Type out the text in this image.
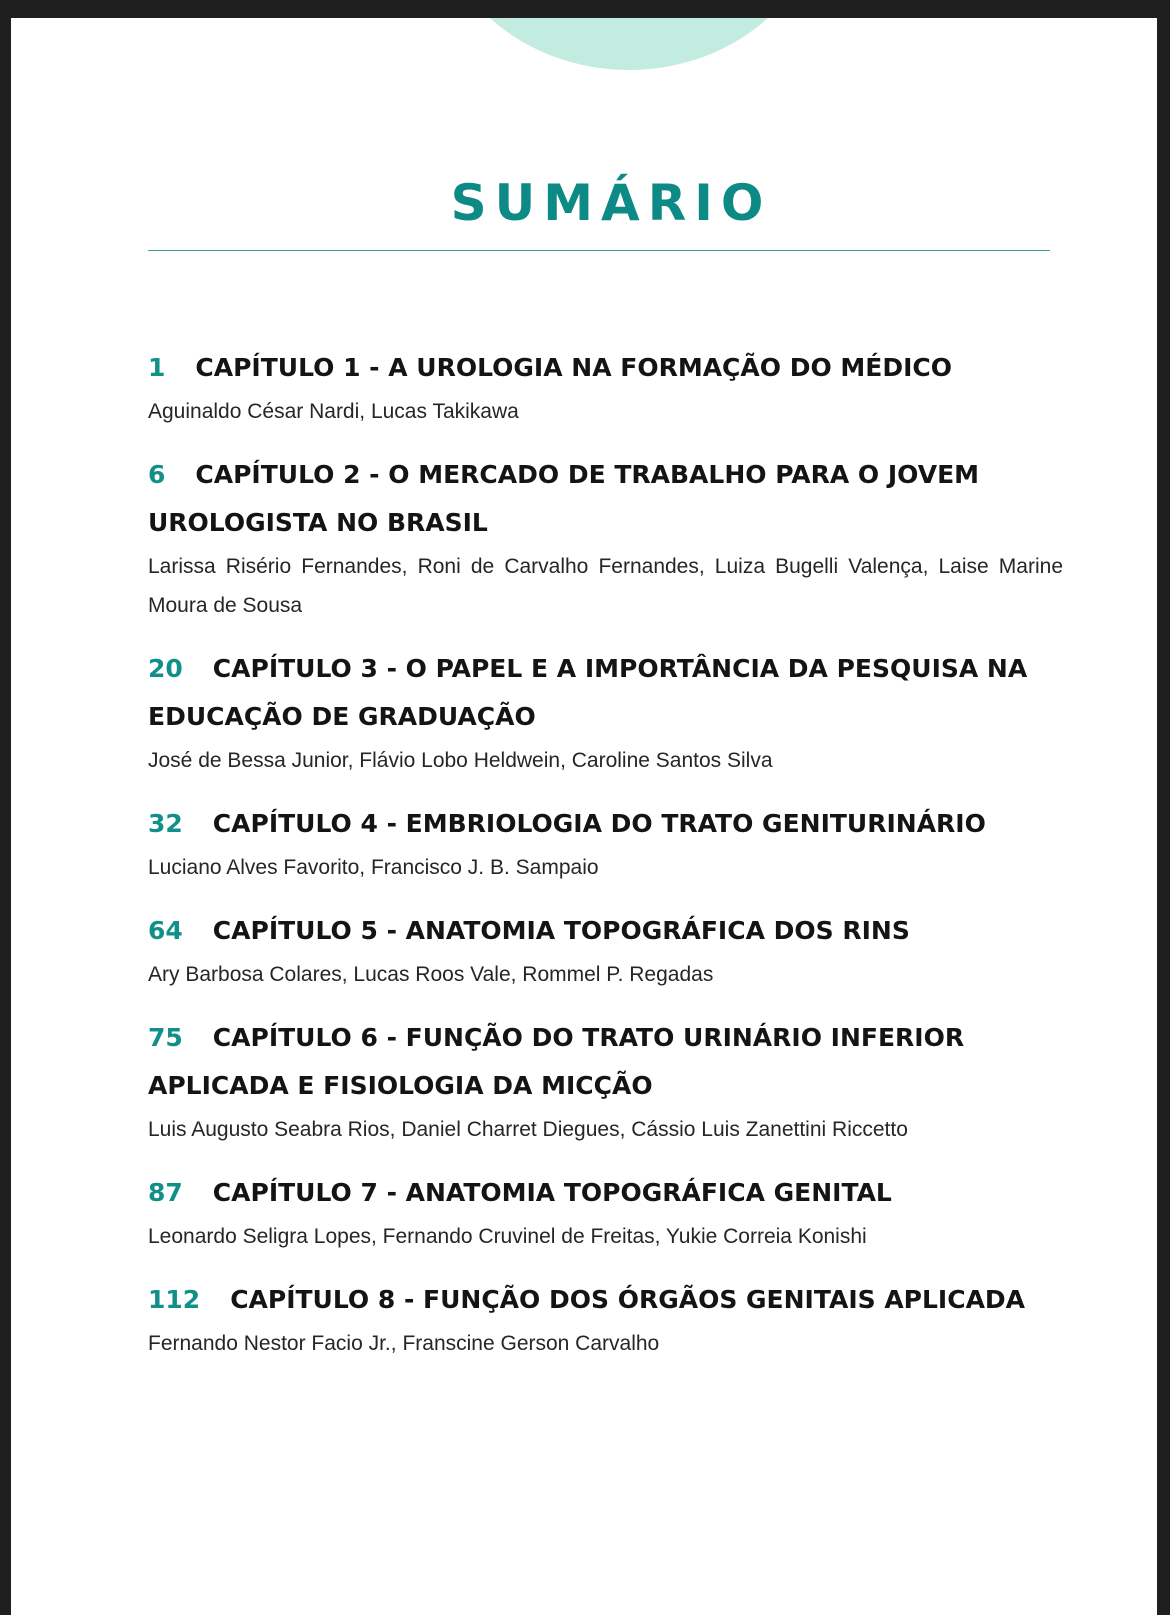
SUMÁRIO

1 CAPÍTULO 1 - A UROLOGIA NA FORMAÇÃO DO MÉDICO

Aguinaldo César Nardi, Lucas Takikawa

6 CAPÍTULO 2 - O MERCADO DE TRABALHO PARA O JOVEM UROLOGISTA NO BRASIL

Larissa Risério Fernandes, Roni de Carvalho Fernandes, Luiza Bugelli Valença, Laise Marine Moura de Sousa

20 CAPÍTULO 3 - O PAPEL E A IMPORTÂNCIA DA PESQUISA NA EDUCAÇÃO DE GRADUAÇÃO

José de Bessa Junior, Flávio Lobo Heldwein, Caroline Santos Silva

32 CAPÍTULO 4 - EMBRIOLOGIA DO TRATO GENITURINÁRIO

Luciano Alves Favorito, Francisco J. B. Sampaio

64 CAPÍTULO 5 - ANATOMIA TOPOGRÁFICA DOS RINS

Ary Barbosa Colares, Lucas Roos Vale, Rommel P. Regadas

75 CAPÍTULO 6 - FUNÇÃO DO TRATO URINÁRIO INFERIOR APLICADA E FISIOLOGIA DA MICÇÃO

Luis Augusto Seabra Rios, Daniel Charret Diegues, Cássio Luis Zanettini Riccetto

87 CAPÍTULO 7 - ANATOMIA TOPOGRÁFICA GENITAL

Leonardo Seligra Lopes, Fernando Cruvinel de Freitas, Yukie Correia Konishi

112 CAPÍTULO 8 - FUNÇÃO DOS ÓRGÃOS GENITAIS APLICADA

Fernando Nestor Facio Jr., Franscine Gerson Carvalho
